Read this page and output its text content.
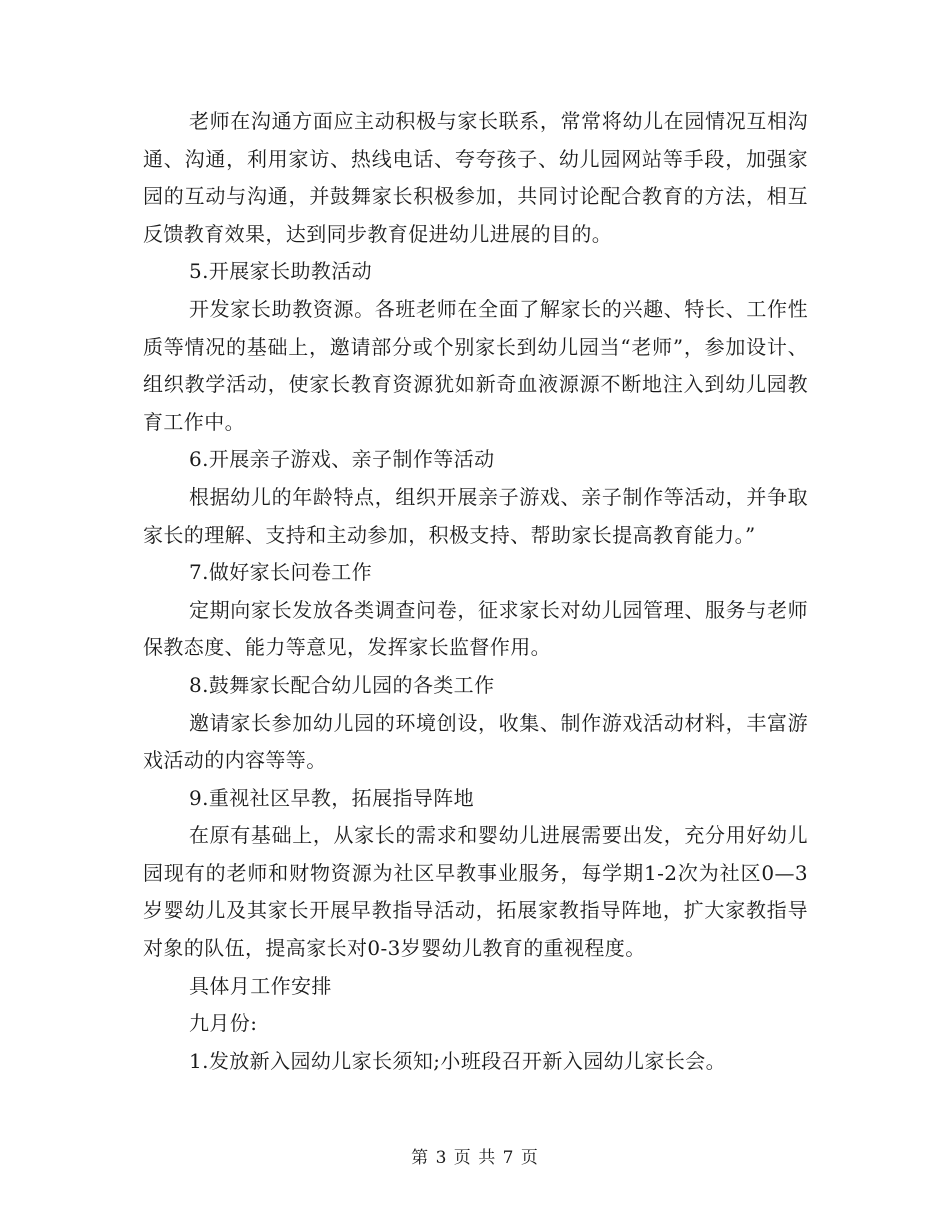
老师在沟通方面应主动积极与家长联系，常常将幼儿在园情况互相沟通、沟通，利用家访、热线电话、夸夸孩子、幼儿园网站等手段，加强家园的互动与沟通，并鼓舞家长积极参加，共同讨论配合教育的方法，相互反馈教育效果，达到同步教育促进幼儿进展的目的。

5.开展家长助教活动

开发家长助教资源。各班老师在全面了解家长的兴趣、特长、工作性质等情况的基础上，邀请部分或个别家长到幼儿园当“老师”，参加设计、组织教学活动，使家长教育资源犹如新奇血液源源不断地注入到幼儿园教育工作中。

6.开展亲子游戏、亲子制作等活动

根据幼儿的年龄特点，组织开展亲子游戏、亲子制作等活动，并争取家长的理解、支持和主动参加，积极支持、帮助家长提高教育能力。”

7.做好家长问卷工作

定期向家长发放各类调查问卷，征求家长对幼儿园管理、服务与老师保教态度、能力等意见，发挥家长监督作用。

8.鼓舞家长配合幼儿园的各类工作

邀请家长参加幼儿园的环境创设，收集、制作游戏活动材料，丰富游戏活动的内容等等。

9.重视社区早教，拓展指导阵地

在原有基础上，从家长的需求和婴幼儿进展需要出发，充分用好幼儿园现有的老师和财物资源为社区早教事业服务，每学期1-2次为社区0—3岁婴幼儿及其家长开展早教指导活动，拓展家教指导阵地，扩大家教指导对象的队伍，提高家长对0-3岁婴幼儿教育的重视程度。

具体月工作安排

九月份:

1.发放新入园幼儿家长须知;小班段召开新入园幼儿家长会。

第 3 页 共 7 页
